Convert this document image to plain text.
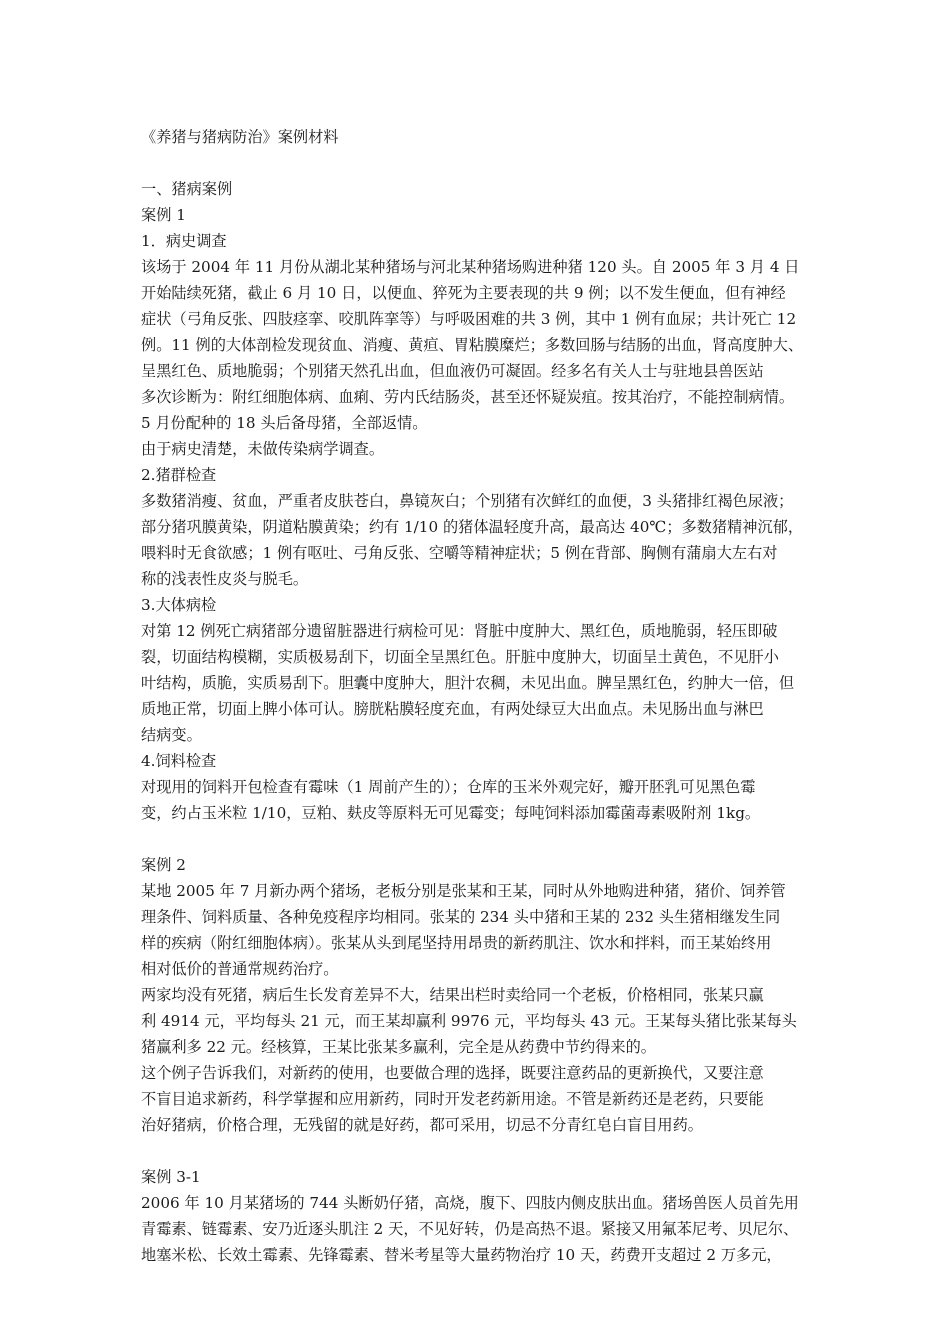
《养猪与猪病防治》案例材料
一、猪病案例
案例 1
1．病史调查
该场于 2004 年 11 月份从湖北某种猪场与河北某种猪场购进种猪 120 头。自 2005 年 3 月 4 日
开始陆续死猪，截止 6 月 10 日，以便血、猝死为主要表现的共 9 例；以不发生便血，但有神经
症状（弓角反张、四肢痉挛、咬肌阵挛等）与呼吸困难的共 3 例，其中 1 例有血尿；共计死亡 12
例。11 例的大体剖检发现贫血、消瘦、黄疸、胃粘膜糜烂；多数回肠与结肠的出血，肾高度肿大、
呈黑红色、质地脆弱；个别猪天然孔出血，但血液仍可凝固。经多名有关人士与驻地县兽医站
多次诊断为：附红细胞体病、血痢、劳内氏结肠炎，甚至还怀疑炭疽。按其治疗，不能控制病情。
5 月份配种的 18 头后备母猪，全部返情。
由于病史清楚，未做传染病学调查。
2.猪群检查
多数猪消瘦、贫血，严重者皮肤苍白，鼻镜灰白；个别猪有次鲜红的血便，3 头猪排红褐色尿液；
部分猪巩膜黄染，阴道粘膜黄染；约有 1/10 的猪体温轻度升高，最高达 40℃；多数猪精神沉郁，
喂料时无食欲感；1 例有呕吐、弓角反张、空嚼等精神症状；5 例在背部、胸侧有蒲扇大左右对
称的浅表性皮炎与脱毛。
3.大体病检
对第 12 例死亡病猪部分遗留脏器进行病检可见：肾脏中度肿大、黑红色，质地脆弱，轻压即破
裂，切面结构模糊，实质极易刮下，切面全呈黑红色。肝脏中度肿大，切面呈土黄色，不见肝小
叶结构，质脆，实质易刮下。胆囊中度肿大，胆汁农稠，未见出血。脾呈黑红色，约肿大一倍，但
质地正常，切面上脾小体可认。膀胱粘膜轻度充血，有两处绿豆大出血点。未见肠出血与淋巴
结病变。
4.饲料检查
对现用的饲料开包检查有霉味（1 周前产生的）；仓库的玉米外观完好，瓣开胚乳可见黑色霉
变，约占玉米粒 1/10，豆粕、麸皮等原料无可见霉变；每吨饲料添加霉菌毒素吸附剂 1kg。
案例 2
某地 2005 年 7 月新办两个猪场，老板分别是张某和王某，同时从外地购进种猪，猪价、饲养管
理条件、饲料质量、各种免疫程序均相同。张某的 234 头中猪和王某的 232 头生猪相继发生同
样的疾病（附红细胞体病）。张某从头到尾坚持用昂贵的新药肌注、饮水和拌料，而王某始终用
相对低价的普通常规药治疗。
两家均没有死猪，病后生长发育差异不大，结果出栏时卖给同一个老板，价格相同，张某只赢
利 4914 元，平均每头 21 元，而王某却赢利 9976 元，平均每头 43 元。王某每头猪比张某每头
猪赢利多 22 元。经核算，王某比张某多赢利，完全是从药费中节约得来的。
这个例子告诉我们，对新药的使用，也要做合理的选择，既要注意药品的更新换代，又要注意
不盲目追求新药，科学掌握和应用新药，同时开发老药新用途。不管是新药还是老药，只要能
治好猪病，价格合理，无残留的就是好药，都可采用，切忌不分青红皂白盲目用药。
案例 3-1
2006 年 10 月某猪场的 744 头断奶仔猪，高烧，腹下、四肢内侧皮肤出血。猪场兽医人员首先用
青霉素、链霉素、安乃近逐头肌注 2 天，不见好转，仍是高热不退。紧接又用氟苯尼考、贝尼尔、
地塞米松、长效土霉素、先锋霉素、替米考星等大量药物治疗 10 天，药费开支超过 2 万多元，
